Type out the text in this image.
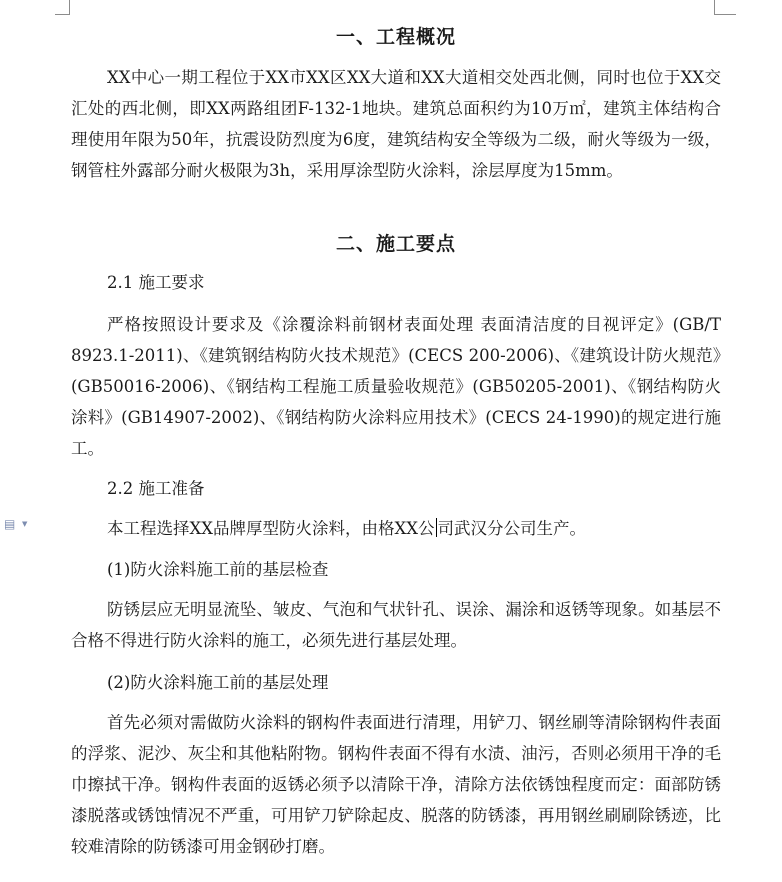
▤ ▼
一、工程概况

XX中心一期工程位于XX市XX区XX大道和XX大道相交处西北侧，同时也位于XX交汇处的西北侧，即XX两路组团F-132-1地块。建筑总面积约为10万㎡，建筑主体结构合理使用年限为50年，抗震设防烈度为6度，建筑结构安全等级为二级，耐火等级为一级，钢管柱外露部分耐火极限为3h，采用厚涂型防火涂料，涂层厚度为15mm。

二、施工要点

2.1 施工要求

严格按照设计要求及《涂覆涂料前钢材表面处理 表面清洁度的目视评定》(GB/T 8923.1-2011)、《建筑钢结构防火技术规范》(CECS 200-2006)、《建筑设计防火规范》(GB50016-2006)、《钢结构工程施工质量验收规范》(GB50205-2001)、《钢结构防火涂料》(GB14907-2002)、《钢结构防火涂料应用技术》(CECS 24-1990)的规定进行施工。

2.2 施工准备

本工程选择XX品牌厚型防火涂料，由格XX公 司武汉分公司生产。

(1)防火涂料施工前的基层检查

防锈层应无明显流坠、皱皮、气泡和气状针孔、误涂、漏涂和返锈等现象。如基层不合格不得进行防火涂料的施工，必须先进行基层处理。

(2)防火涂料施工前的基层处理

首先必须对需做防火涂料的钢构件表面进行清理，用铲刀、钢丝刷等清除钢构件表面的浮浆、泥沙、灰尘和其他粘附物。钢构件表面不得有水渍、油污，否则必须用干净的毛巾擦拭干净。钢构件表面的返锈必须予以清除干净，清除方法依锈蚀程度而定：面部防锈漆脱落或锈蚀情况不严重，可用铲刀铲除起皮、脱落的防锈漆，再用钢丝刷刷除锈迹，比较难清除的防锈漆可用金钢砂打磨。
